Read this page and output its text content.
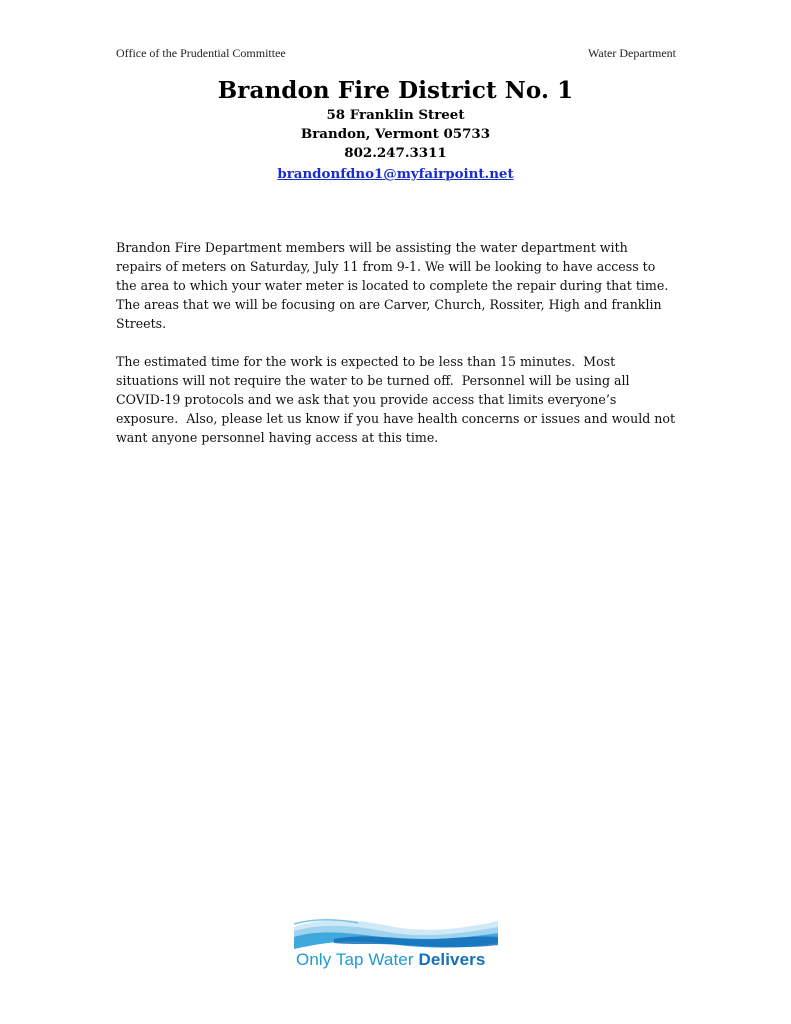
Office of the Prudential Committee	Water Department
Brandon Fire District No. 1
58 Franklin Street
Brandon, Vermont 05733
802.247.3311
brandonfdno1@myfairpoint.net

Brandon Fire Department members will be assisting the water department with repairs of meters on Saturday, July 11 from 9-1. We will be looking to have access to the area to which your water meter is located to complete the repair during that time.  The areas that we will be focusing on are Carver, Church, Rossiter, High and franklin Streets.

The estimated time for the work is expected to be less than 15 minutes.  Most situations will not require the water to be turned off.  Personnel will be using all COVID-19 protocols and we ask that you provide access that limits everyone’s exposure.  Also, please let us know if you have health concerns or issues and would not want anyone personnel having access at this time.

Only Tap Water Delivers
